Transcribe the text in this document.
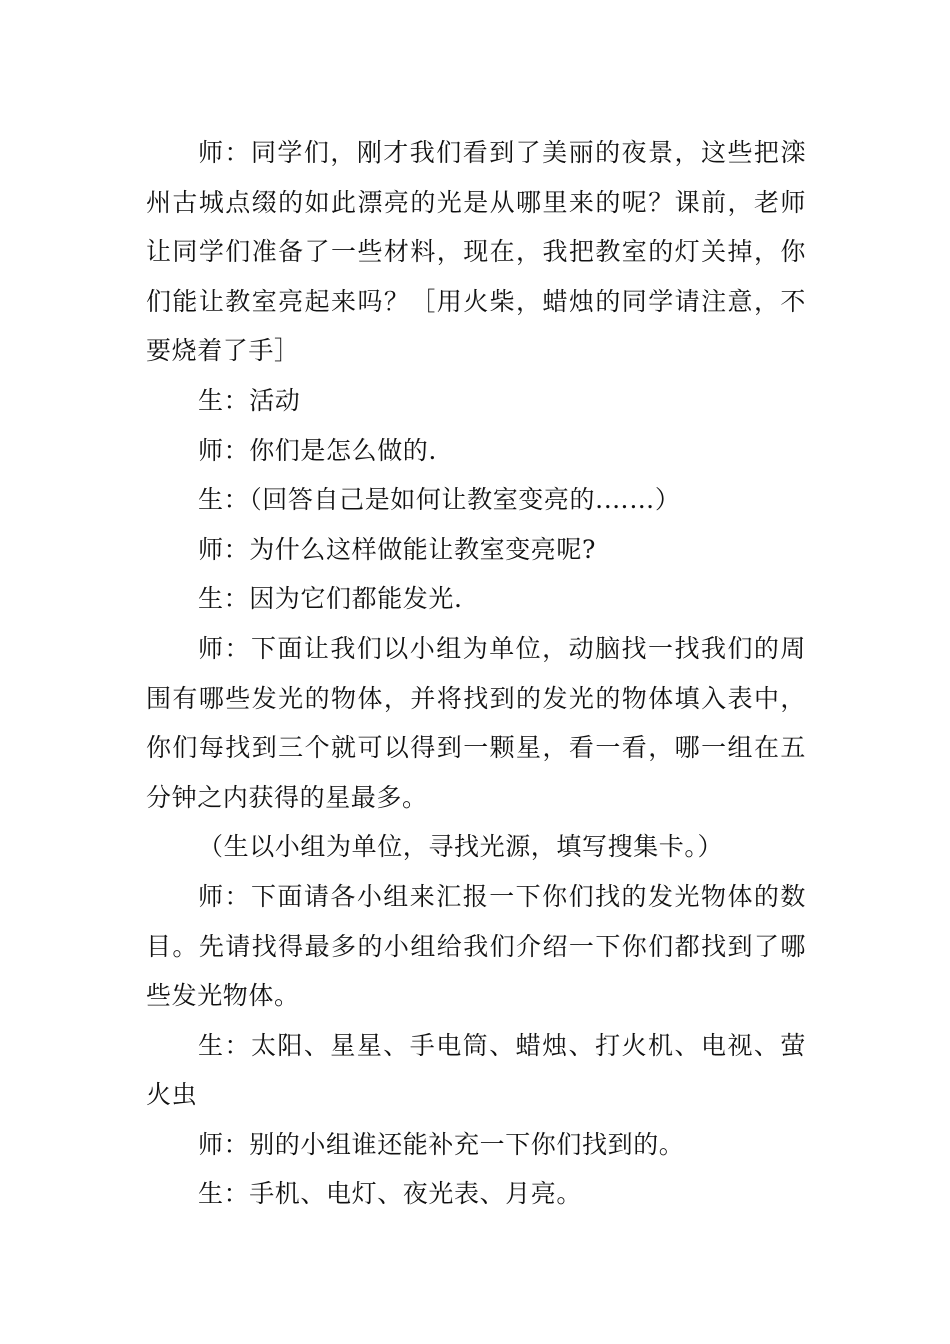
师：同学们，刚才我们看到了美丽的夜景，这些把滦州古城点缀的如此漂亮的光是从哪里来的呢？课前，老师让同学们准备了一些材料，现在，我把教室的灯关掉，你们能让教室亮起来吗？［用火柴，蜡烛的同学请注意，不要烧着了手］

生：活动

师：你们是怎么做的.

生：（回答自己是如何让教室变亮的.……）

师：为什么这样做能让教室变亮呢?

生：因为它们都能发光.

师：下面让我们以小组为单位，动脑找一找我们的周围有哪些发光的物体，并将找到的发光的物体填入表中，你们每找到三个就可以得到一颗星，看一看，哪一组在五分钟之内获得的星最多。

（生以小组为单位，寻找光源，填写搜集卡。）

师：下面请各小组来汇报一下你们找的发光物体的数目。先请找得最多的小组给我们介绍一下你们都找到了哪些发光物体。

生：太阳、星星、手电筒、蜡烛、打火机、电视、萤火虫

师：别的小组谁还能补充一下你们找到的。

生：手机、电灯、夜光表、月亮。
